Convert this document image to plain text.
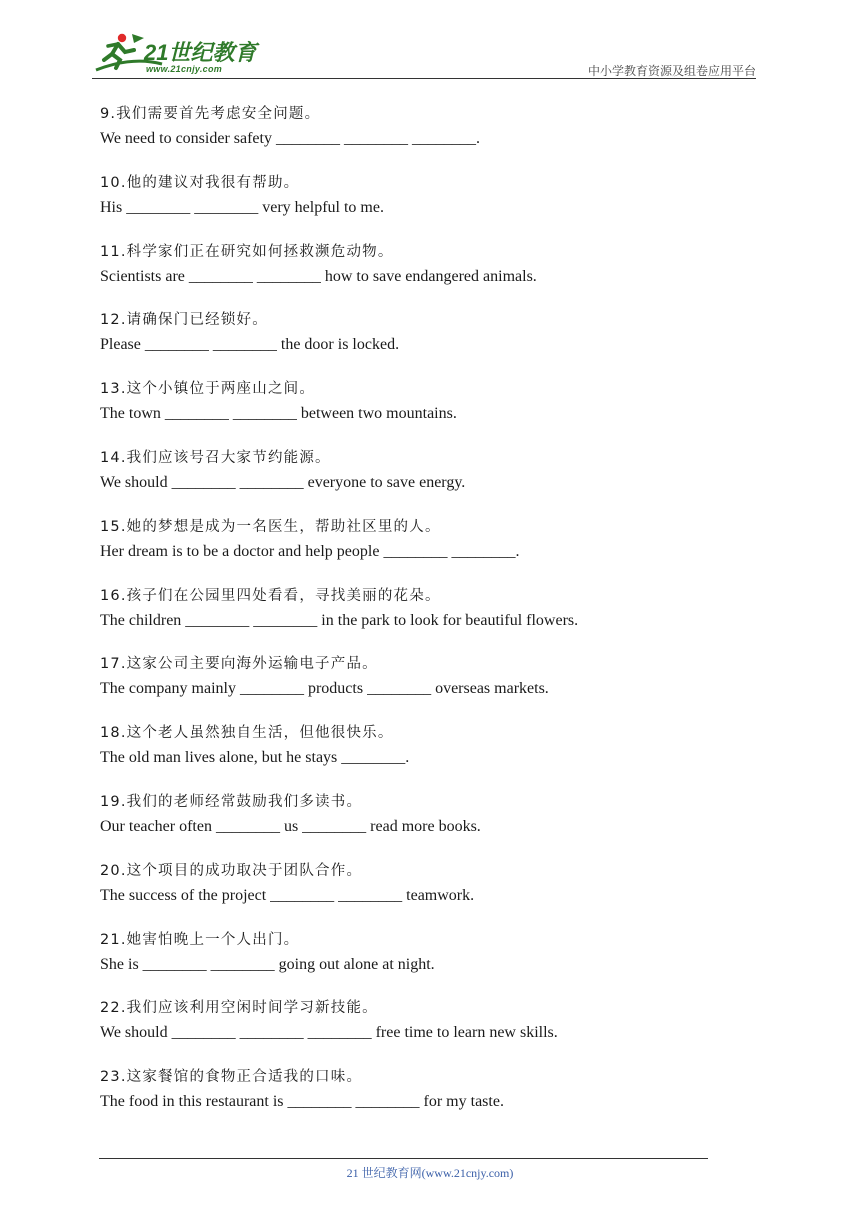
21世纪教育
www.21cnjy.com	中小学教育资源及组卷应用平台
9.我们需要首先考虑安全问题。
We need to consider safety ________ ________ ________.
10.他的建议对我很有帮助。
His ________ ________ very helpful to me.
11.科学家们正在研究如何拯救濒危动物。
Scientists are ________ ________ how to save endangered animals.
12.请确保门已经锁好。
Please ________ ________ the door is locked.
13.这个小镇位于两座山之间。
The town ________ ________ between two mountains.
14.我们应该号召大家节约能源。
We should ________ ________ everyone to save energy.
15.她的梦想是成为一名医生，帮助社区里的人。
Her dream is to be a doctor and help people ________ ________.
16.孩子们在公园里四处看看，寻找美丽的花朵。
The children ________ ________ in the park to look for beautiful flowers.
17.这家公司主要向海外运输电子产品。
The company mainly ________ products ________ overseas markets.
18.这个老人虽然独自生活，但他很快乐。
The old man lives alone, but he stays ________.
19.我们的老师经常鼓励我们多读书。
Our teacher often ________ us ________ read more books.
20.这个项目的成功取决于团队合作。
The success of the project ________ ________ teamwork.
21.她害怕晚上一个人出门。
She is ________ ________ going out alone at night.
22.我们应该利用空闲时间学习新技能。
We should ________ ________ ________ free time to learn new skills.
23.这家餐馆的食物正合适我的口味。
The food in this restaurant is ________ ________ for my taste.
21 世纪教育网(www.21cnjy.com)
